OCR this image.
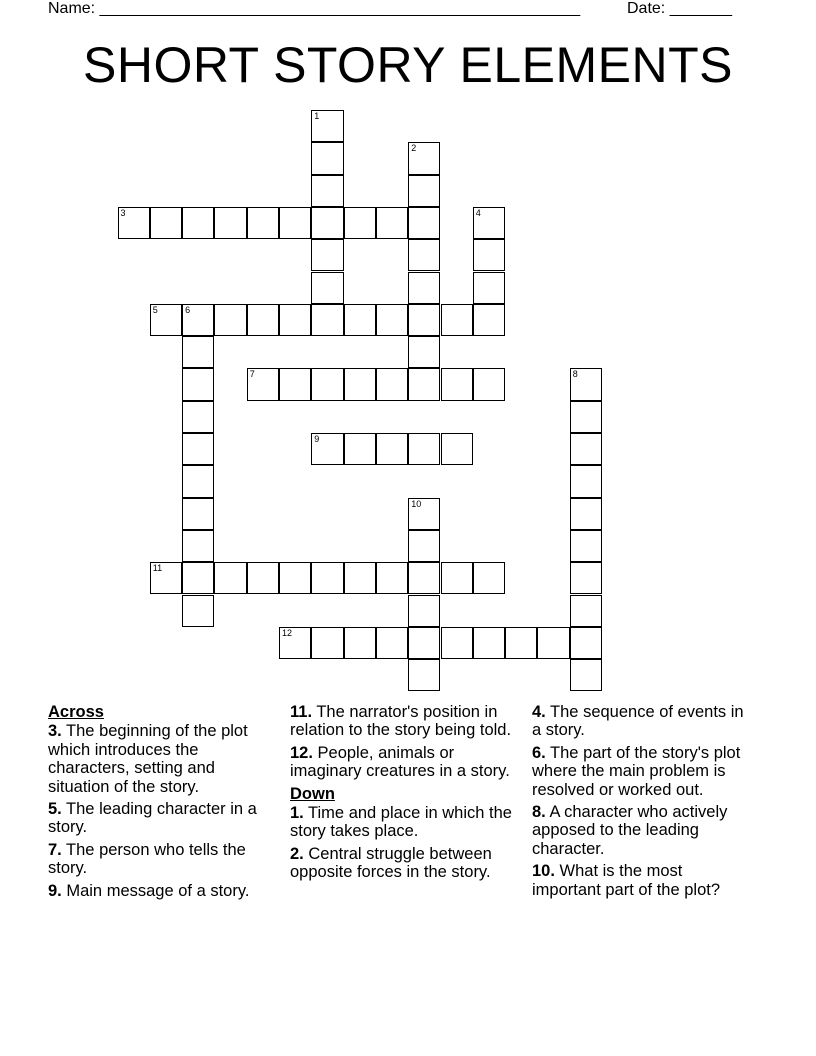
Name: ______________________________________________________	Date: _______
SHORT STORY ELEMENTS
1
2
3	4
5	6
7	8
9
10
11
12
Across
3. The beginning of the plot which introduces the characters, setting and situation of the story.
5. The leading character in a story.
7. The person who tells the story.
9. Main message of a story.
11. The narrator's position in relation to the story being told.
12. People, animals or imaginary creatures in a story.
Down
1. Time and place in which the story takes place.
2. Central struggle between opposite forces in the story.
4. The sequence of events in a story.
6. The part of the story's plot where the main problem is resolved or worked out.
8. A character who actively apposed to the leading character.
10. What is the most important part of the plot?
